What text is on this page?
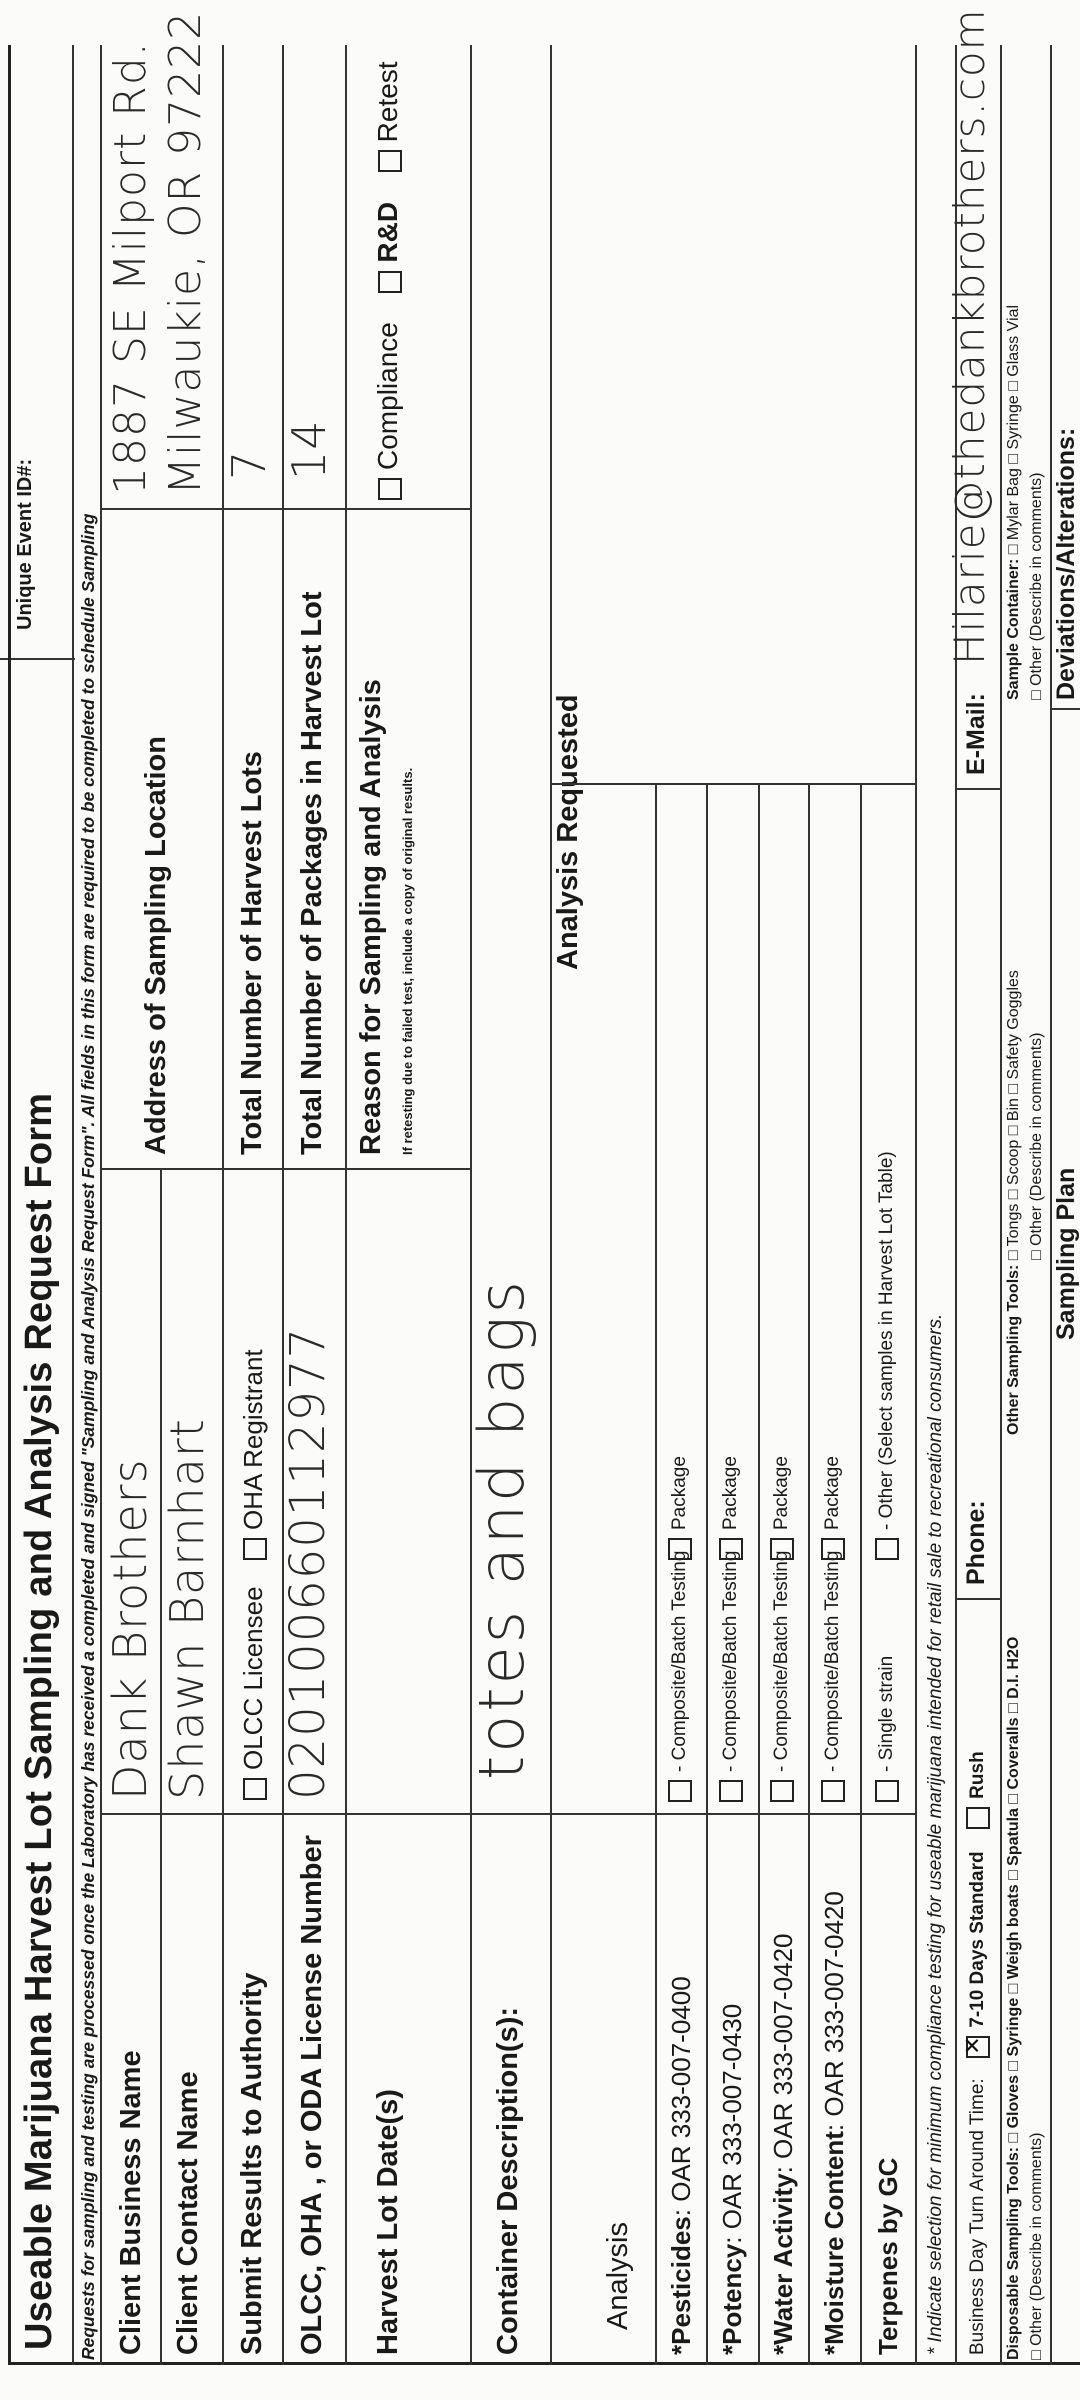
Unique Event ID#:
Useable Marijuana Harvest Lot Sampling and Analysis Request Form Requests for sampling and testing are processed once the Laboratory has received a completed and signed "Sampling and Analysis Request Form". All fields in this form are required to be completed to schedule Sampling Client Business Name
Dank Brothers
Client Contact Name
Shawn Barnhart
Address of Sampling Location
1887 SE Milport Rd. Milwaukie, OR 97222
Submit Results to Authority
OLCC Licensee  OHA Registrant
Total Number of Harvest Lots
7
OLCC, OHA , or ODA License Number
020100660112977
Total Number of Packages in Harvest Lot
14
Harvest Lot Date(s)
Reason for Sampling and Analysis If retesting due to failed test, include a copy of original results.
Compliance  R&D  Retest
Container Description(s):
totes and bags
Analysis
Analysis Requested
*Pesticides: OAR 333-007-0400
- Composite/Batch Testing
Package
*Potency: OAR 333-007-0430
- Composite/Batch Testing
Package
*Water Activity: OAR 333-007-0420
- Composite/Batch Testing
Package
*Moisture Content: OAR 333-007-0420
- Composite/Batch Testing
Package
Terpenes by GC
- Single strain
- Other (Select samples in Harvest Lot Table) * Indicate selection for minimum compliance testing for useable marijuana intended for retail sale to recreational consumers. Business Day Turn Around Time:  ✕7-10 Days Standard  Rush
Phone:
E-Mail:
Hilarie@thedankbrothers.com
Disposable Sampling Tools: □ Gloves □ Syringe □ Weigh boats □ Spatula □ Coveralls □ D.I. H2O □ Other (Describe in comments)
Other Sampling Tools: □ Tongs □ Scoop □ Bin □ Safety Goggles □ Other (Describe in comments)
Sample Container: □ Mylar Bag □ Syringe □ Glass Vial
□ Other (Describe in comments)
Sampling Plan
Deviations/Alterations:
